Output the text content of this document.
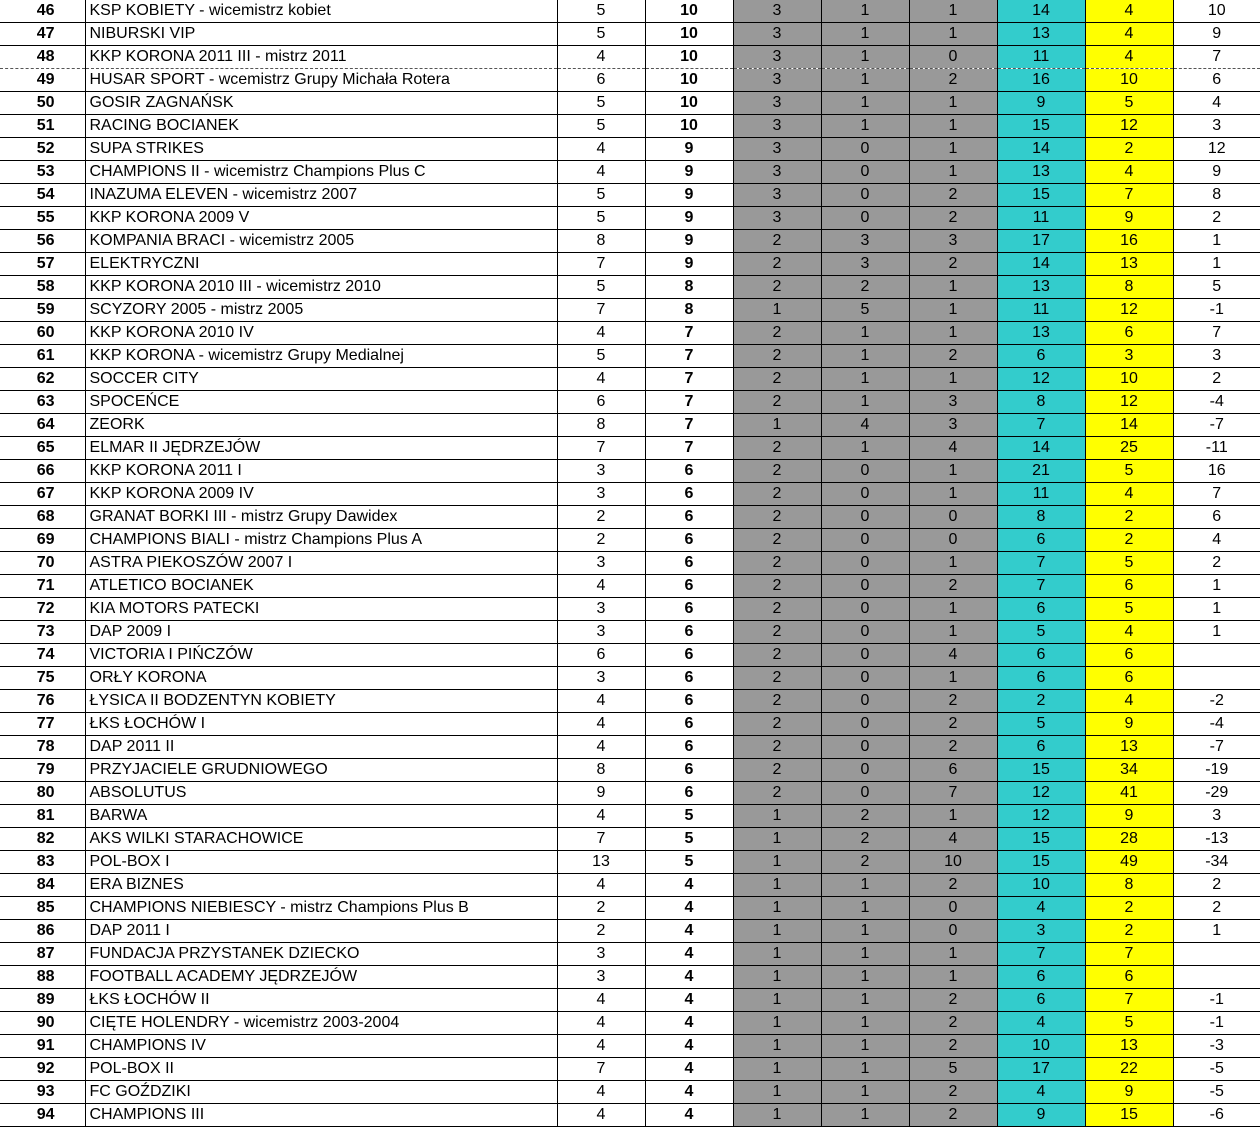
46	KSP KOBIETY - wicemistrz kobiet	5	10	3	1	1	14	4	10
47	NIBURSKI VIP	5	10	3	1	1	13	4	9
48	KKP KORONA 2011 III - mistrz 2011	4	10	3	1	0	11	4	7
49	HUSAR SPORT - wcemistrz Grupy Michała Rotera	6	10	3	1	2	16	10	6
50	GOSIR ZAGNAŃSK	5	10	3	1	1	9	5	4
51	RACING BOCIANEK	5	10	3	1	1	15	12	3
52	SUPA STRIKES	4	9	3	0	1	14	2	12
53	CHAMPIONS II - wicemistrz Champions Plus C	4	9	3	0	1	13	4	9
54	INAZUMA ELEVEN - wicemistrz 2007	5	9	3	0	2	15	7	8
55	KKP KORONA 2009 V	5	9	3	0	2	11	9	2
56	KOMPANIA BRACI - wicemistrz 2005	8	9	2	3	3	17	16	1
57	ELEKTRYCZNI	7	9	2	3	2	14	13	1
58	KKP KORONA 2010 III - wicemistrz 2010	5	8	2	2	1	13	8	5
59	SCYZORY 2005 - mistrz 2005	7	8	1	5	1	11	12	-1
60	KKP KORONA 2010 IV	4	7	2	1	1	13	6	7
61	KKP KORONA - wicemistrz Grupy Medialnej	5	7	2	1	2	6	3	3
62	SOCCER CITY	4	7	2	1	1	12	10	2
63	SPOCEŃCE	6	7	2	1	3	8	12	-4
64	ZEORK	8	7	1	4	3	7	14	-7
65	ELMAR II JĘDRZEJÓW	7	7	2	1	4	14	25	-11
66	KKP KORONA 2011 I	3	6	2	0	1	21	5	16
67	KKP KORONA 2009 IV	3	6	2	0	1	11	4	7
68	GRANAT BORKI III - mistrz Grupy Dawidex	2	6	2	0	0	8	2	6
69	CHAMPIONS BIALI - mistrz Champions Plus A	2	6	2	0	0	6	2	4
70	ASTRA PIEKOSZÓW 2007 I	3	6	2	0	1	7	5	2
71	ATLETICO BOCIANEK	4	6	2	0	2	7	6	1
72	KIA MOTORS PATECKI	3	6	2	0	1	6	5	1
73	DAP 2009 I	3	6	2	0	1	5	4	1
74	VICTORIA I PIŃCZÓW	6	6	2	0	4	6	6	
75	ORŁY KORONA	3	6	2	0	1	6	6	
76	ŁYSICA II BODZENTYN KOBIETY	4	6	2	0	2	2	4	-2
77	ŁKS ŁOCHÓW I	4	6	2	0	2	5	9	-4
78	DAP 2011 II	4	6	2	0	2	6	13	-7
79	PRZYJACIELE GRUDNIOWEGO	8	6	2	0	6	15	34	-19
80	ABSOLUTUS	9	6	2	0	7	12	41	-29
81	BARWA	4	5	1	2	1	12	9	3
82	AKS WILKI STARACHOWICE	7	5	1	2	4	15	28	-13
83	POL-BOX I	13	5	1	2	10	15	49	-34
84	ERA BIZNES	4	4	1	1	2	10	8	2
85	CHAMPIONS NIEBIESCY - mistrz Champions Plus B	2	4	1	1	0	4	2	2
86	DAP 2011 I	2	4	1	1	0	3	2	1
87	FUNDACJA PRZYSTANEK DZIECKO	3	4	1	1	1	7	7	
88	FOOTBALL ACADEMY JĘDRZEJÓW	3	4	1	1	1	6	6	
89	ŁKS ŁOCHÓW II	4	4	1	1	2	6	7	-1
90	CIĘTE HOLENDRY - wicemistrz 2003-2004	4	4	1	1	2	4	5	-1
91	CHAMPIONS IV	4	4	1	1	2	10	13	-3
92	POL-BOX II	7	4	1	1	5	17	22	-5
93	FC GOŹDZIKI	4	4	1	1	2	4	9	-5
94	CHAMPIONS III	4	4	1	1	2	9	15	-6
